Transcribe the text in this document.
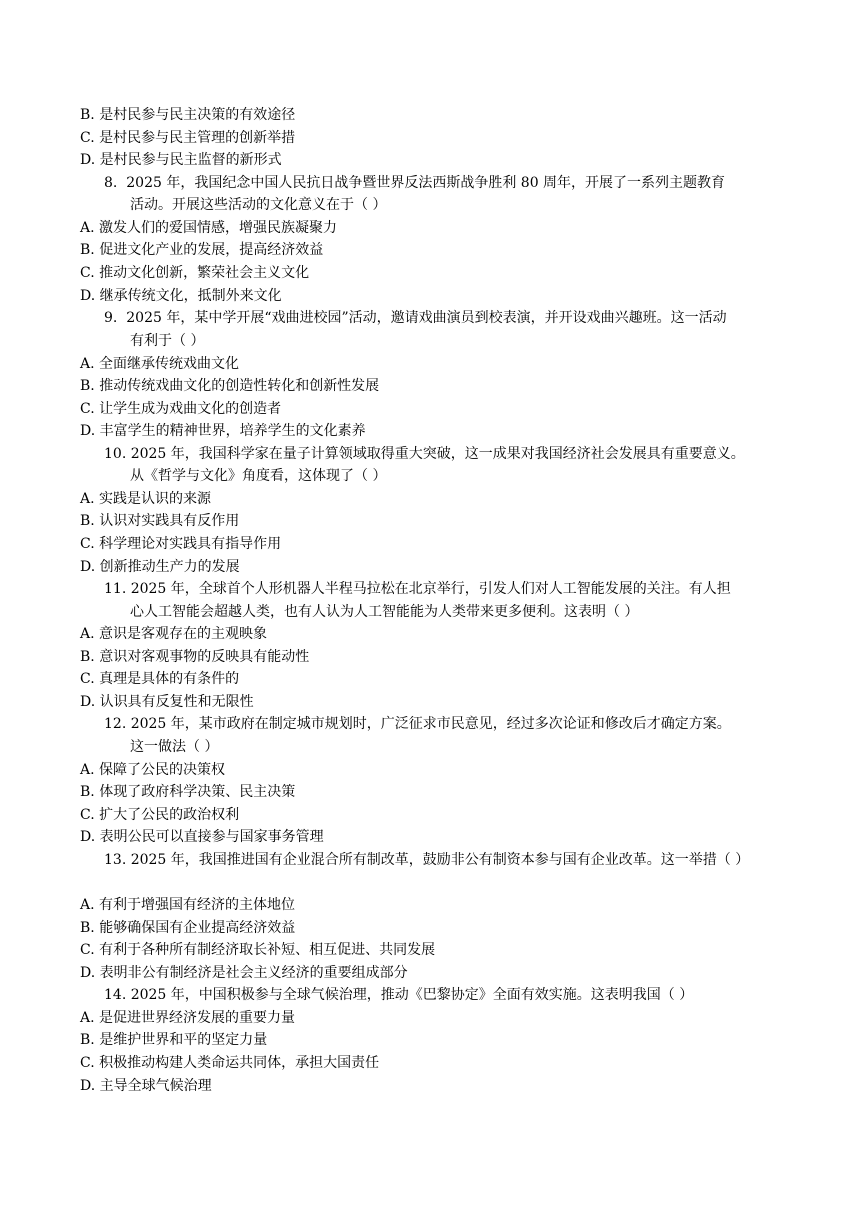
B. 是村民参与民主决策的有效途径
C. 是村民参与民主管理的创新举措
D. 是村民参与民主监督的新形式
8.  2025 年，我国纪念中国人民抗日战争暨世界反法西斯战争胜利 80 周年，开展了一系列主题教育
活动。开展这些活动的文化意义在于（ ）
A. 激发人们的爱国情感，增强民族凝聚力
B. 促进文化产业的发展，提高经济效益
C. 推动文化创新，繁荣社会主义文化
D. 继承传统文化，抵制外来文化
9.  2025 年，某中学开展“戏曲进校园”活动，邀请戏曲演员到校表演，并开设戏曲兴趣班。这一活动
有利于（ ）
A. 全面继承传统戏曲文化
B. 推动传统戏曲文化的创造性转化和创新性发展
C. 让学生成为戏曲文化的创造者
D. 丰富学生的精神世界，培养学生的文化素养
10. 2025 年，我国科学家在量子计算领域取得重大突破，这一成果对我国经济社会发展具有重要意义。
从《哲学与文化》角度看，这体现了（ ）
A. 实践是认识的来源
B. 认识对实践具有反作用
C. 科学理论对实践具有指导作用
D. 创新推动生产力的发展
11. 2025 年，全球首个人形机器人半程马拉松在北京举行，引发人们对人工智能发展的关注。有人担
心人工智能会超越人类，也有人认为人工智能能为人类带来更多便利。这表明（ ）
A. 意识是客观存在的主观映象
B. 意识对客观事物的反映具有能动性
C. 真理是具体的有条件的
D. 认识具有反复性和无限性
12. 2025 年，某市政府在制定城市规划时，广泛征求市民意见，经过多次论证和修改后才确定方案。
这一做法（ ）
A. 保障了公民的决策权
B. 体现了政府科学决策、民主决策
C. 扩大了公民的政治权利
D. 表明公民可以直接参与国家事务管理
13. 2025 年，我国推进国有企业混合所有制改革，鼓励非公有制资本参与国有企业改革。这一举措（ ）
A. 有利于增强国有经济的主体地位
B. 能够确保国有企业提高经济效益
C. 有利于各种所有制经济取长补短、相互促进、共同发展
D. 表明非公有制经济是社会主义经济的重要组成部分
14. 2025 年，中国积极参与全球气候治理，推动《巴黎协定》全面有效实施。这表明我国（ ）
A. 是促进世界经济发展的重要力量
B. 是维护世界和平的坚定力量
C. 积极推动构建人类命运共同体，承担大国责任
D. 主导全球气候治理
